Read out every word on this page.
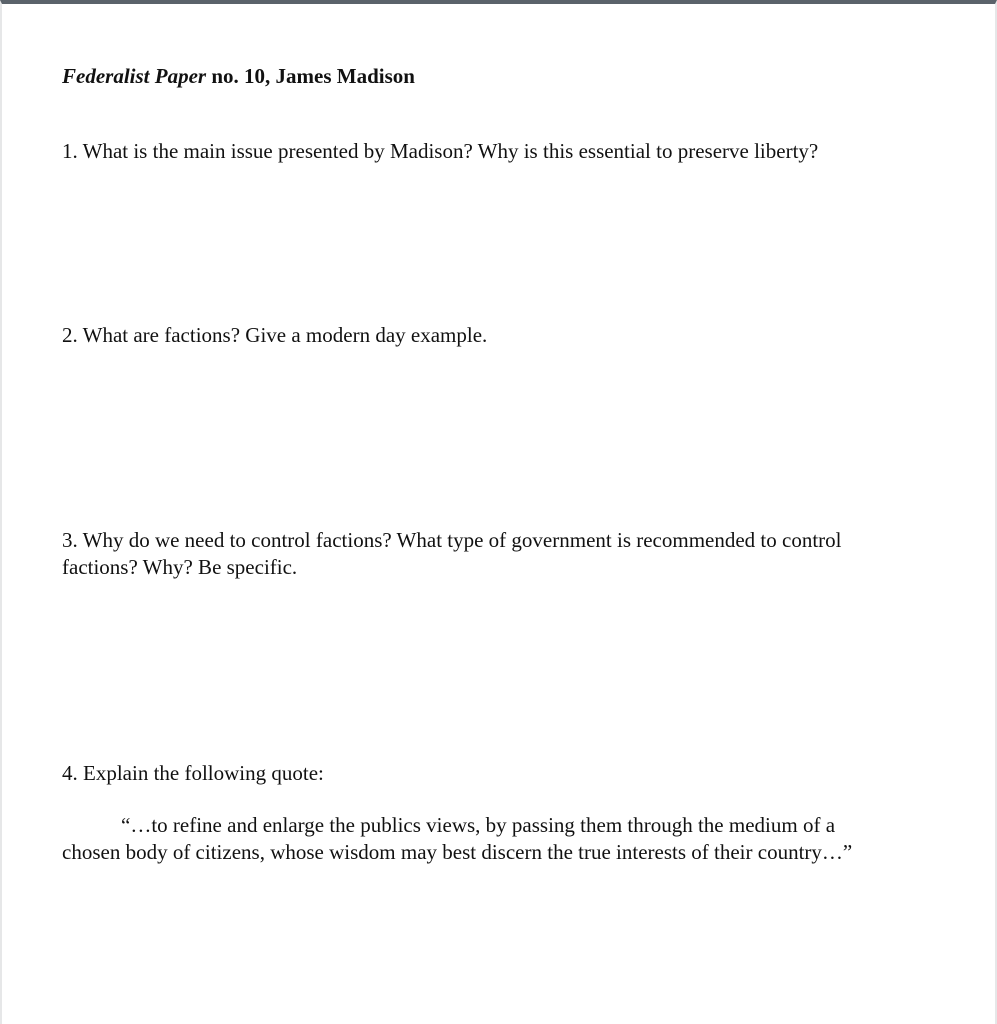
Federalist Paper no. 10, James Madison

1. What is the main issue presented by Madison? Why is this essential to preserve liberty?

2. What are factions? Give a modern day example.

3. Why do we need to control factions? What type of government is recommended to control

factions? Why? Be specific.

4. Explain the following quote:

“…to refine and enlarge the publics views, by passing them through the medium of a

chosen body of citizens, whose wisdom may best discern the true interests of their country…”
